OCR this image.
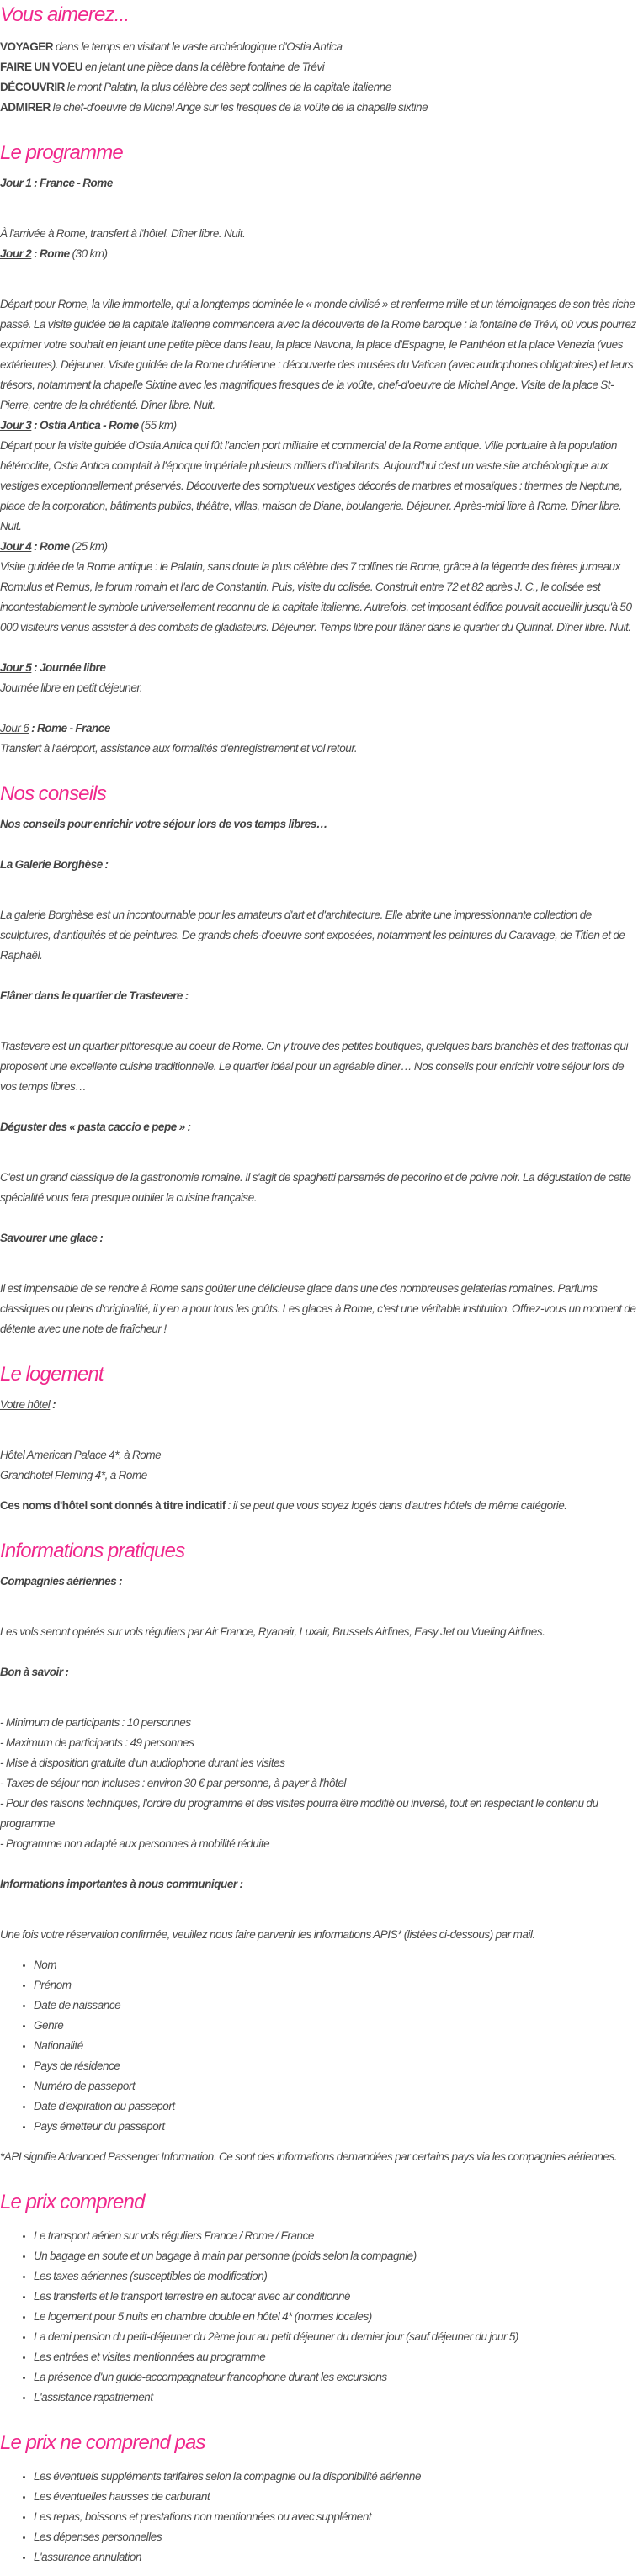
Vous aimerez...

VOYAGER dans le temps en visitant le vaste archéologique d'Ostia Antica

FAIRE UN VOEU en jetant une pièce dans la célèbre fontaine de Trévi

DÉCOUVRIR le mont Palatin, la plus célèbre des sept collines de la capitale italienne

ADMIRER le chef-d'oeuvre de Michel Ange sur les fresques de la voûte de la chapelle sixtine

Le programme

Jour 1 : France - Rome

À l'arrivée à Rome, transfert à l'hôtel. Dîner libre. Nuit.

Jour 2 : Rome (30 km)

Départ pour Rome, la ville immortelle, qui a longtemps dominée le « monde civilisé » et renferme mille et un témoignages de son très riche passé. La visite guidée de la capitale italienne commencera avec la découverte de la Rome baroque : la fontaine de Trévi, où vous pourrez exprimer votre souhait en jetant une petite pièce dans l'eau, la place Navona, la place d'Espagne, le Panthéon et la place Venezia (vues extérieures). Déjeuner. Visite guidée de la Rome chrétienne : découverte des musées du Vatican (avec audiophones obligatoires) et leurs trésors, notamment la chapelle Sixtine avec les magnifiques fresques de la voûte, chef-d'oeuvre de Michel Ange. Visite de la place St-Pierre, centre de la chrétienté. Dîner libre. Nuit.

Jour 3 : Ostia Antica - Rome (55 km)

Départ pour la visite guidée d'Ostia Antica qui fût l'ancien port militaire et commercial de la Rome antique. Ville portuaire à la population hétéroclite, Ostia Antica comptait à l'époque impériale plusieurs milliers d'habitants. Aujourd'hui c'est un vaste site archéologique aux vestiges exceptionnellement préservés. Découverte des somptueux vestiges décorés de marbres et mosaïques : thermes de Neptune, place de la corporation, bâtiments publics, théâtre, villas, maison de Diane, boulangerie. Déjeuner. Après-midi libre à Rome. Dîner libre. Nuit.

Jour 4 : Rome (25 km)

Visite guidée de la Rome antique : le Palatin, sans doute la plus célèbre des 7 collines de Rome, grâce à la légende des frères jumeaux Romulus et Remus, le forum romain et l'arc de Constantin. Puis, visite du colisée. Construit entre 72 et 82 après J. C., le colisée est incontestablement le symbole universellement reconnu de la capitale italienne. Autrefois, cet imposant édifice pouvait accueillir jusqu'à 50 000 visiteurs venus assister à des combats de gladiateurs. Déjeuner. Temps libre pour flâner dans le quartier du Quirinal. Dîner libre. Nuit.

Jour 5 : Journée libre

Journée libre en petit déjeuner.

Jour 6 : Rome - France

Transfert à l'aéroport, assistance aux formalités d'enregistrement et vol retour.

Nos conseils

Nos conseils pour enrichir votre séjour lors de vos temps libres…

La Galerie Borghèse :

La galerie Borghèse est un incontournable pour les amateurs d'art et d'architecture. Elle abrite une impressionnante collection de sculptures, d'antiquités et de peintures. De grands chefs-d'oeuvre sont exposées, notamment les peintures du Caravage, de Titien et de Raphaël.

Flâner dans le quartier de Trastevere :

Trastevere est un quartier pittoresque au coeur de Rome. On y trouve des petites boutiques, quelques bars branchés et des trattorias qui proposent une excellente cuisine traditionnelle. Le quartier idéal pour un agréable dîner… Nos conseils pour enrichir votre séjour lors de vos temps libres…

Déguster des « pasta caccio e pepe » :

C'est un grand classique de la gastronomie romaine. Il s'agit de spaghetti parsemés de pecorino et de poivre noir. La dégustation de cette spécialité vous fera presque oublier la cuisine française.

Savourer une glace :

Il est impensable de se rendre à Rome sans goûter une délicieuse glace dans une des nombreuses gelaterias romaines. Parfums classiques ou pleins d'originalité, il y en a pour tous les goûts. Les glaces à Rome, c'est une véritable institution. Offrez-vous un moment de détente avec une note de fraîcheur !

Le logement

Votre hôtel :

Hôtel American Palace 4*, à Rome

Grandhotel Fleming 4*, à Rome

Ces noms d'hôtel sont donnés à titre indicatif : il se peut que vous soyez logés dans d'autres hôtels de même catégorie.

Informations pratiques

Compagnies aériennes :

Les vols seront opérés sur vols réguliers par Air France, Ryanair, Luxair, Brussels Airlines, Easy Jet ou Vueling Airlines.

Bon à savoir :

- Minimum de participants : 10 personnes

- Maximum de participants : 49 personnes

- Mise à disposition gratuite d'un audiophone durant les visites

- Taxes de séjour non incluses : environ 30 € par personne, à payer à l'hôtel

- Pour des raisons techniques, l'ordre du programme et des visites pourra être modifié ou inversé, tout en respectant le contenu du programme

- Programme non adapté aux personnes à mobilité réduite

Informations importantes à nous communiquer :

Une fois votre réservation confirmée, veuillez nous faire parvenir les informations APIS* (listées ci-dessous) par mail.

• Nom
• Prénom
• Date de naissance
• Genre
• Nationalité
• Pays de résidence
• Numéro de passeport
• Date d'expiration du passeport
• Pays émetteur du passeport

*API signifie Advanced Passenger Information. Ce sont des informations demandées par certains pays via les compagnies aériennes.

Le prix comprend
• Le transport aérien sur vols réguliers France / Rome / France
• Un bagage en soute et un bagage à main par personne (poids selon la compagnie)
• Les taxes aériennes (susceptibles de modification)
• Les transferts et le transport terrestre en autocar avec air conditionné
• Le logement pour 5 nuits en chambre double en hôtel 4* (normes locales)
• La demi pension du petit-déjeuner du 2ème jour au petit déjeuner du dernier jour (sauf déjeuner du jour 5)
• Les entrées et visites mentionnées au programme
• La présence d'un guide-accompagnateur francophone durant les excursions
• L'assistance rapatriement
Le prix ne comprend pas
• Les éventuels suppléments tarifaires selon la compagnie ou la disponibilité aérienne
• Les éventuelles hausses de carburant
• Les repas, boissons et prestations non mentionnées ou avec supplément
• Les dépenses personnelles
• L'assurance annulation
